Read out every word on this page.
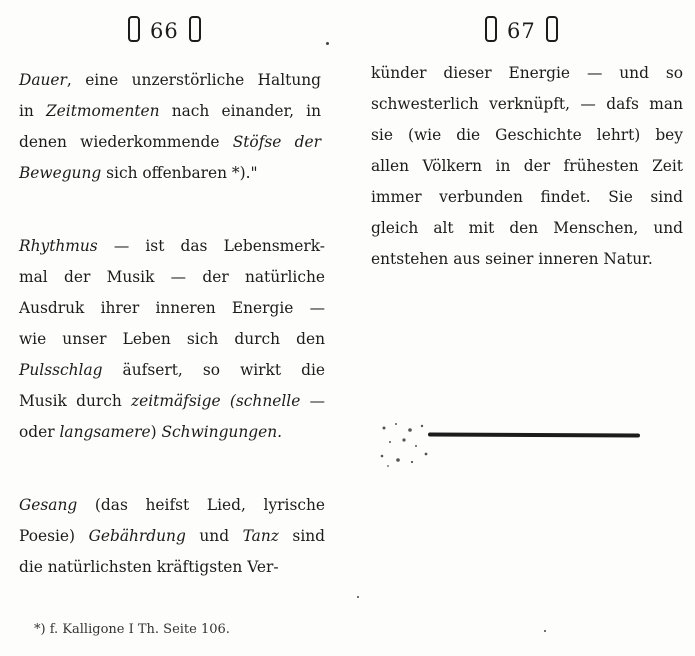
66
Dauer, eine unzerstörliche Haltung
in Zeitmomenten nach einander, in
denen wiederkommende Stöfse der
Bewegung sich offenbaren *)."
Rhythmus — ist das Lebensmerk-
mal der Musik — der natürliche
Ausdruk ihrer inneren Energie —
wie unser Leben sich durch den
Pulsschlag äufsert, so wirkt die
Musik durch zeitmäfsige (schnelle —
oder langsamere) Schwingungen.
Gesang (das heifst Lied, lyrische
Poesie) Gebährdung und Tanz sind
die natürlichsten kräftigsten Ver-
*) f. Kalligone I Th. Seite 106.
67
künder dieser Energie — und so
schwesterlich verknüpft, — dafs man
sie (wie die Geschichte lehrt) bey
allen Völkern in der frühesten Zeit
immer verbunden findet. Sie sind
gleich alt mit den Menschen, und
entstehen aus seiner inneren Natur.
